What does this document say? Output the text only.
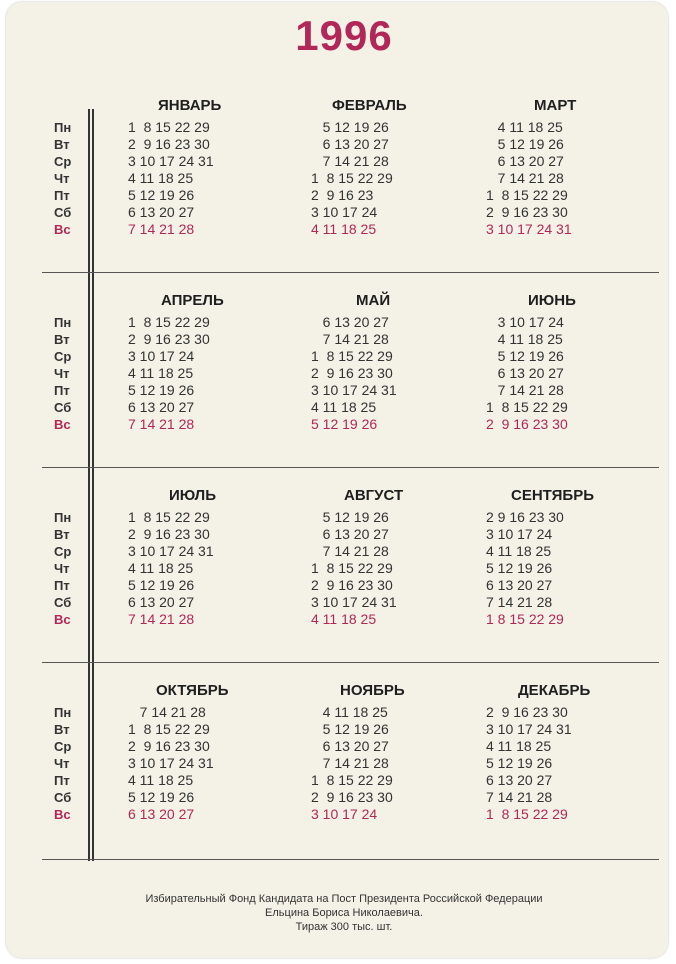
1996
Пн
Вт
Ср
Чт
Пт
Сб
Вс
ЯНВАРЬ
1  8 15 22 29
2  9 16 23 30
3 10 17 24 31
4 11 18 25
5 12 19 26
6 13 20 27
7 14 21 28
ФЕВРАЛЬ
5 12 19 26
6 13 20 27
7 14 21 28
1  8 15 22 29
2  9 16 23
3 10 17 24
4 11 18 25
МАРТ
4 11 18 25
5 12 19 26
6 13 20 27
7 14 21 28
1  8 15 22 29
2  9 16 23 30
3 10 17 24 31
Пн
Вт
Ср
Чт
Пт
Сб
Вс
АПРЕЛЬ
1  8 15 22 29
2  9 16 23 30
3 10 17 24
4 11 18 25
5 12 19 26
6 13 20 27
7 14 21 28
МАЙ
6 13 20 27
7 14 21 28
1  8 15 22 29
2  9 16 23 30
3 10 17 24 31
4 11 18 25
5 12 19 26
ИЮНЬ
3 10 17 24
4 11 18 25
5 12 19 26
6 13 20 27
7 14 21 28
1  8 15 22 29
2  9 16 23 30
Пн
Вт
Ср
Чт
Пт
Сб
Вс
ИЮЛЬ
1  8 15 22 29
2  9 16 23 30
3 10 17 24 31
4 11 18 25
5 12 19 26
6 13 20 27
7 14 21 28
АВГУСТ
5 12 19 26
6 13 20 27
7 14 21 28
1  8 15 22 29
2  9 16 23 30
3 10 17 24 31
4 11 18 25
СЕНТЯБРЬ
2 9 16 23 30
3 10 17 24
4 11 18 25
5 12 19 26
6 13 20 27
7 14 21 28
1 8 15 22 29
Пн
Вт
Ср
Чт
Пт
Сб
Вс
ОКТЯБРЬ
7 14 21 28
1  8 15 22 29
2  9 16 23 30
3 10 17 24 31
4 11 18 25
5 12 19 26
6 13 20 27
НОЯБРЬ
4 11 18 25
5 12 19 26
6 13 20 27
7 14 21 28
1  8 15 22 29
2  9 16 23 30
3 10 17 24
ДЕКАБРЬ
2  9 16 23 30
3 10 17 24 31
4 11 18 25
5 12 19 26
6 13 20 27
7 14 21 28
1  8 15 22 29
Избирательный Фонд Кандидата на Пост Президента Российской Федерации
Ельцина Бориса Николаевича.
Тираж 300 тыс. шт.
